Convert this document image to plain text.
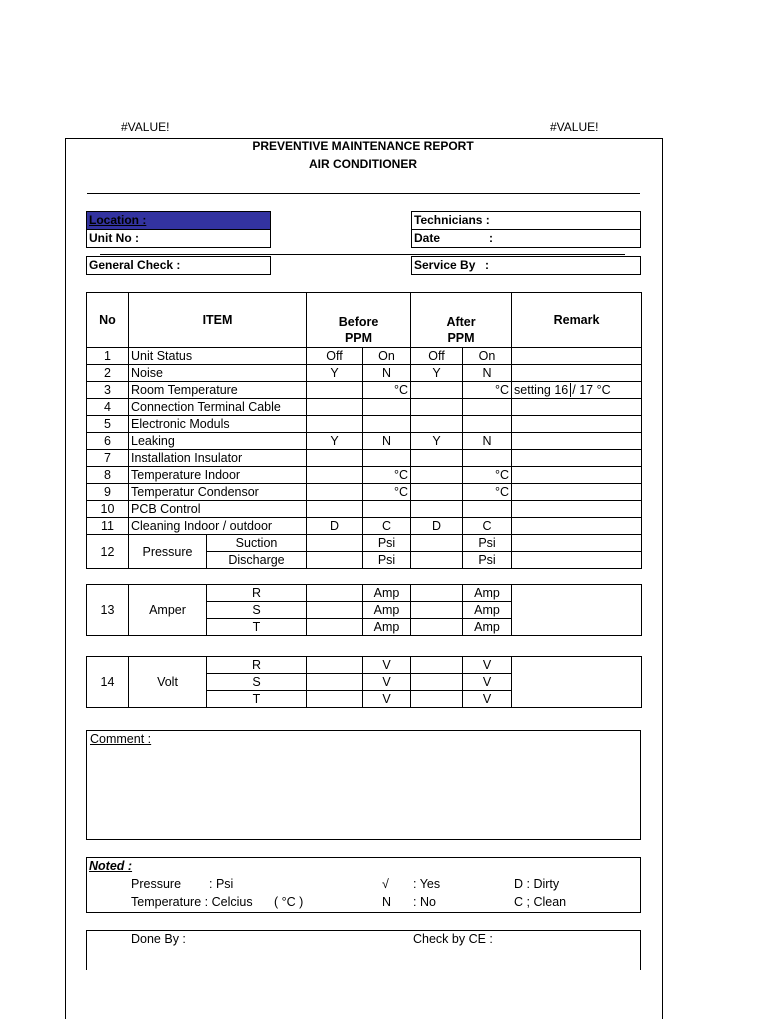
#VALUE!	#VALUE!
PREVENTIVE MAINTENANCE REPORT
AIR CONDITIONER
Location :
Unit No :
General Check :
Technicians :
Date	:
Service By :
No	ITEM		Before		After		Remark
			PPM		PPM		
1	Unit Status		Off	On	Off	On	
2	Noise		Y	N	Y	N	
3	Room Temperature			°C		°C	setting 16 / 17 °C
4	Connection Terminal Cable						
5	Electronic Moduls						
6	Leaking		Y	N	Y	N	
7	Installation Insulator						
8	Temperature Indoor			°C		°C	
9	Temperatur Condensor			°C		°C	
10	PCB Control						
11	Cleaning Indoor / outdoor		D	C	D	C	
12	Pressure	Suction		Psi		Psi	
		Discharge		Psi		Psi	
13	Amper	R		Amp		Amp	
		S		Amp		Amp	
		T		Amp		Amp	
14	Volt	R		V		V	
		S		V		V	
		T		V		V	
Comment :
Noted :
Pressure : Psi
Temperature : Celcius ( °C )
√ : Yes
N : No
D : Dirty
C ; Clean
Done By :	Check by CE :
